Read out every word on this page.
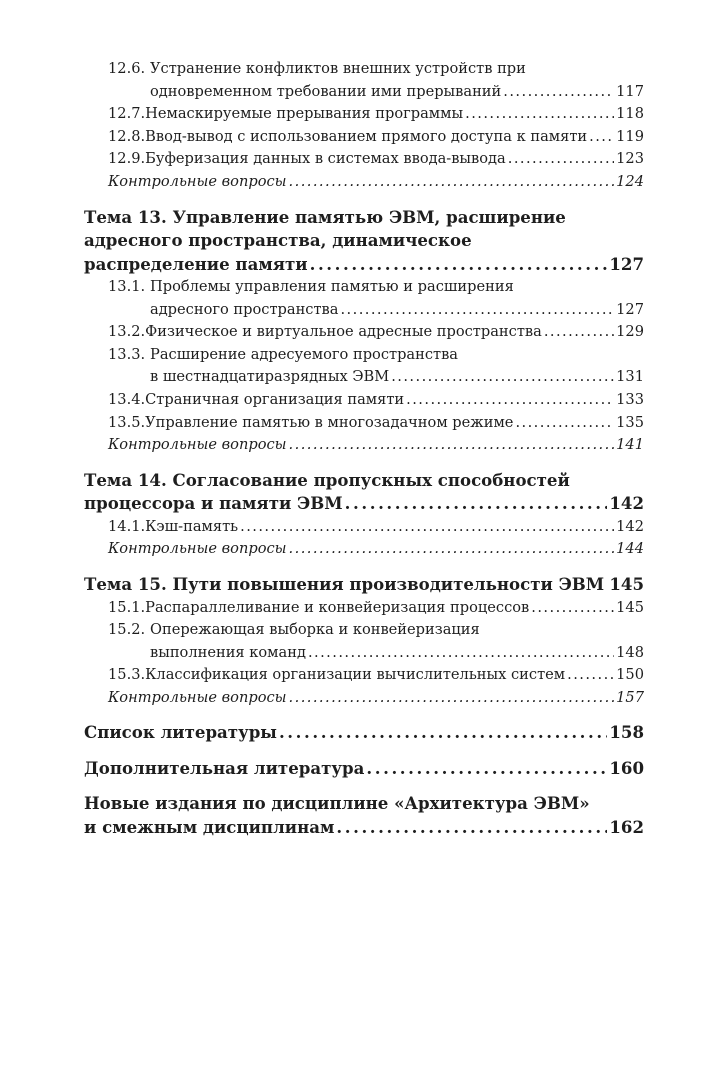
12.6. Устранение конфликтов внешних устройств при
одновременном требовании ими прерываний . . .	117
12.7. Немаскируемые прерывания программы . . .	118
12.8. Ввод-вывод с использованием прямого доступа к памяти . . . 119
12.9. Буферизация данных в системах ввода-вывода . . .	123
Контрольные вопросы . . .	124
Тема 13. Управление памятью ЭВМ, расширение
адресного пространства, динамическое
распределение памяти . . .	127
13.1. Проблемы управления памятью и расширения
адресного пространства . . .	127
13.2. Физическое и виртуальное адресные пространства . . .	129
13.3. Расширение адресуемого пространства
в шестнадцатиразрядных ЭВМ . . .	131
13.4. Страничная организация памяти . . .	133
13.5. Управление памятью в многозадачном режиме . . .	135
Контрольные вопросы . . .	141
Тема 14. Согласование пропускных способностей
процессора и памяти ЭВМ . . .	142
14.1. Кэш-память . . .	142
Контрольные вопросы . . .	144
Тема 15. Пути повышения производительности ЭВМ . . . 145
15.1. Распараллеливание и конвейеризация процессов . . .	145
15.2. Опережающая выборка и конвейеризация
выполнения команд . . .	148
15.3. Классификация организации вычислительных систем . . .	150
Контрольные вопросы . . .	157
Список литературы . . .	158
Дополнительная литература . . .	160
Новые издания по дисциплине «Архитектура ЭВМ»
и смежным дисциплинам . . .	162
